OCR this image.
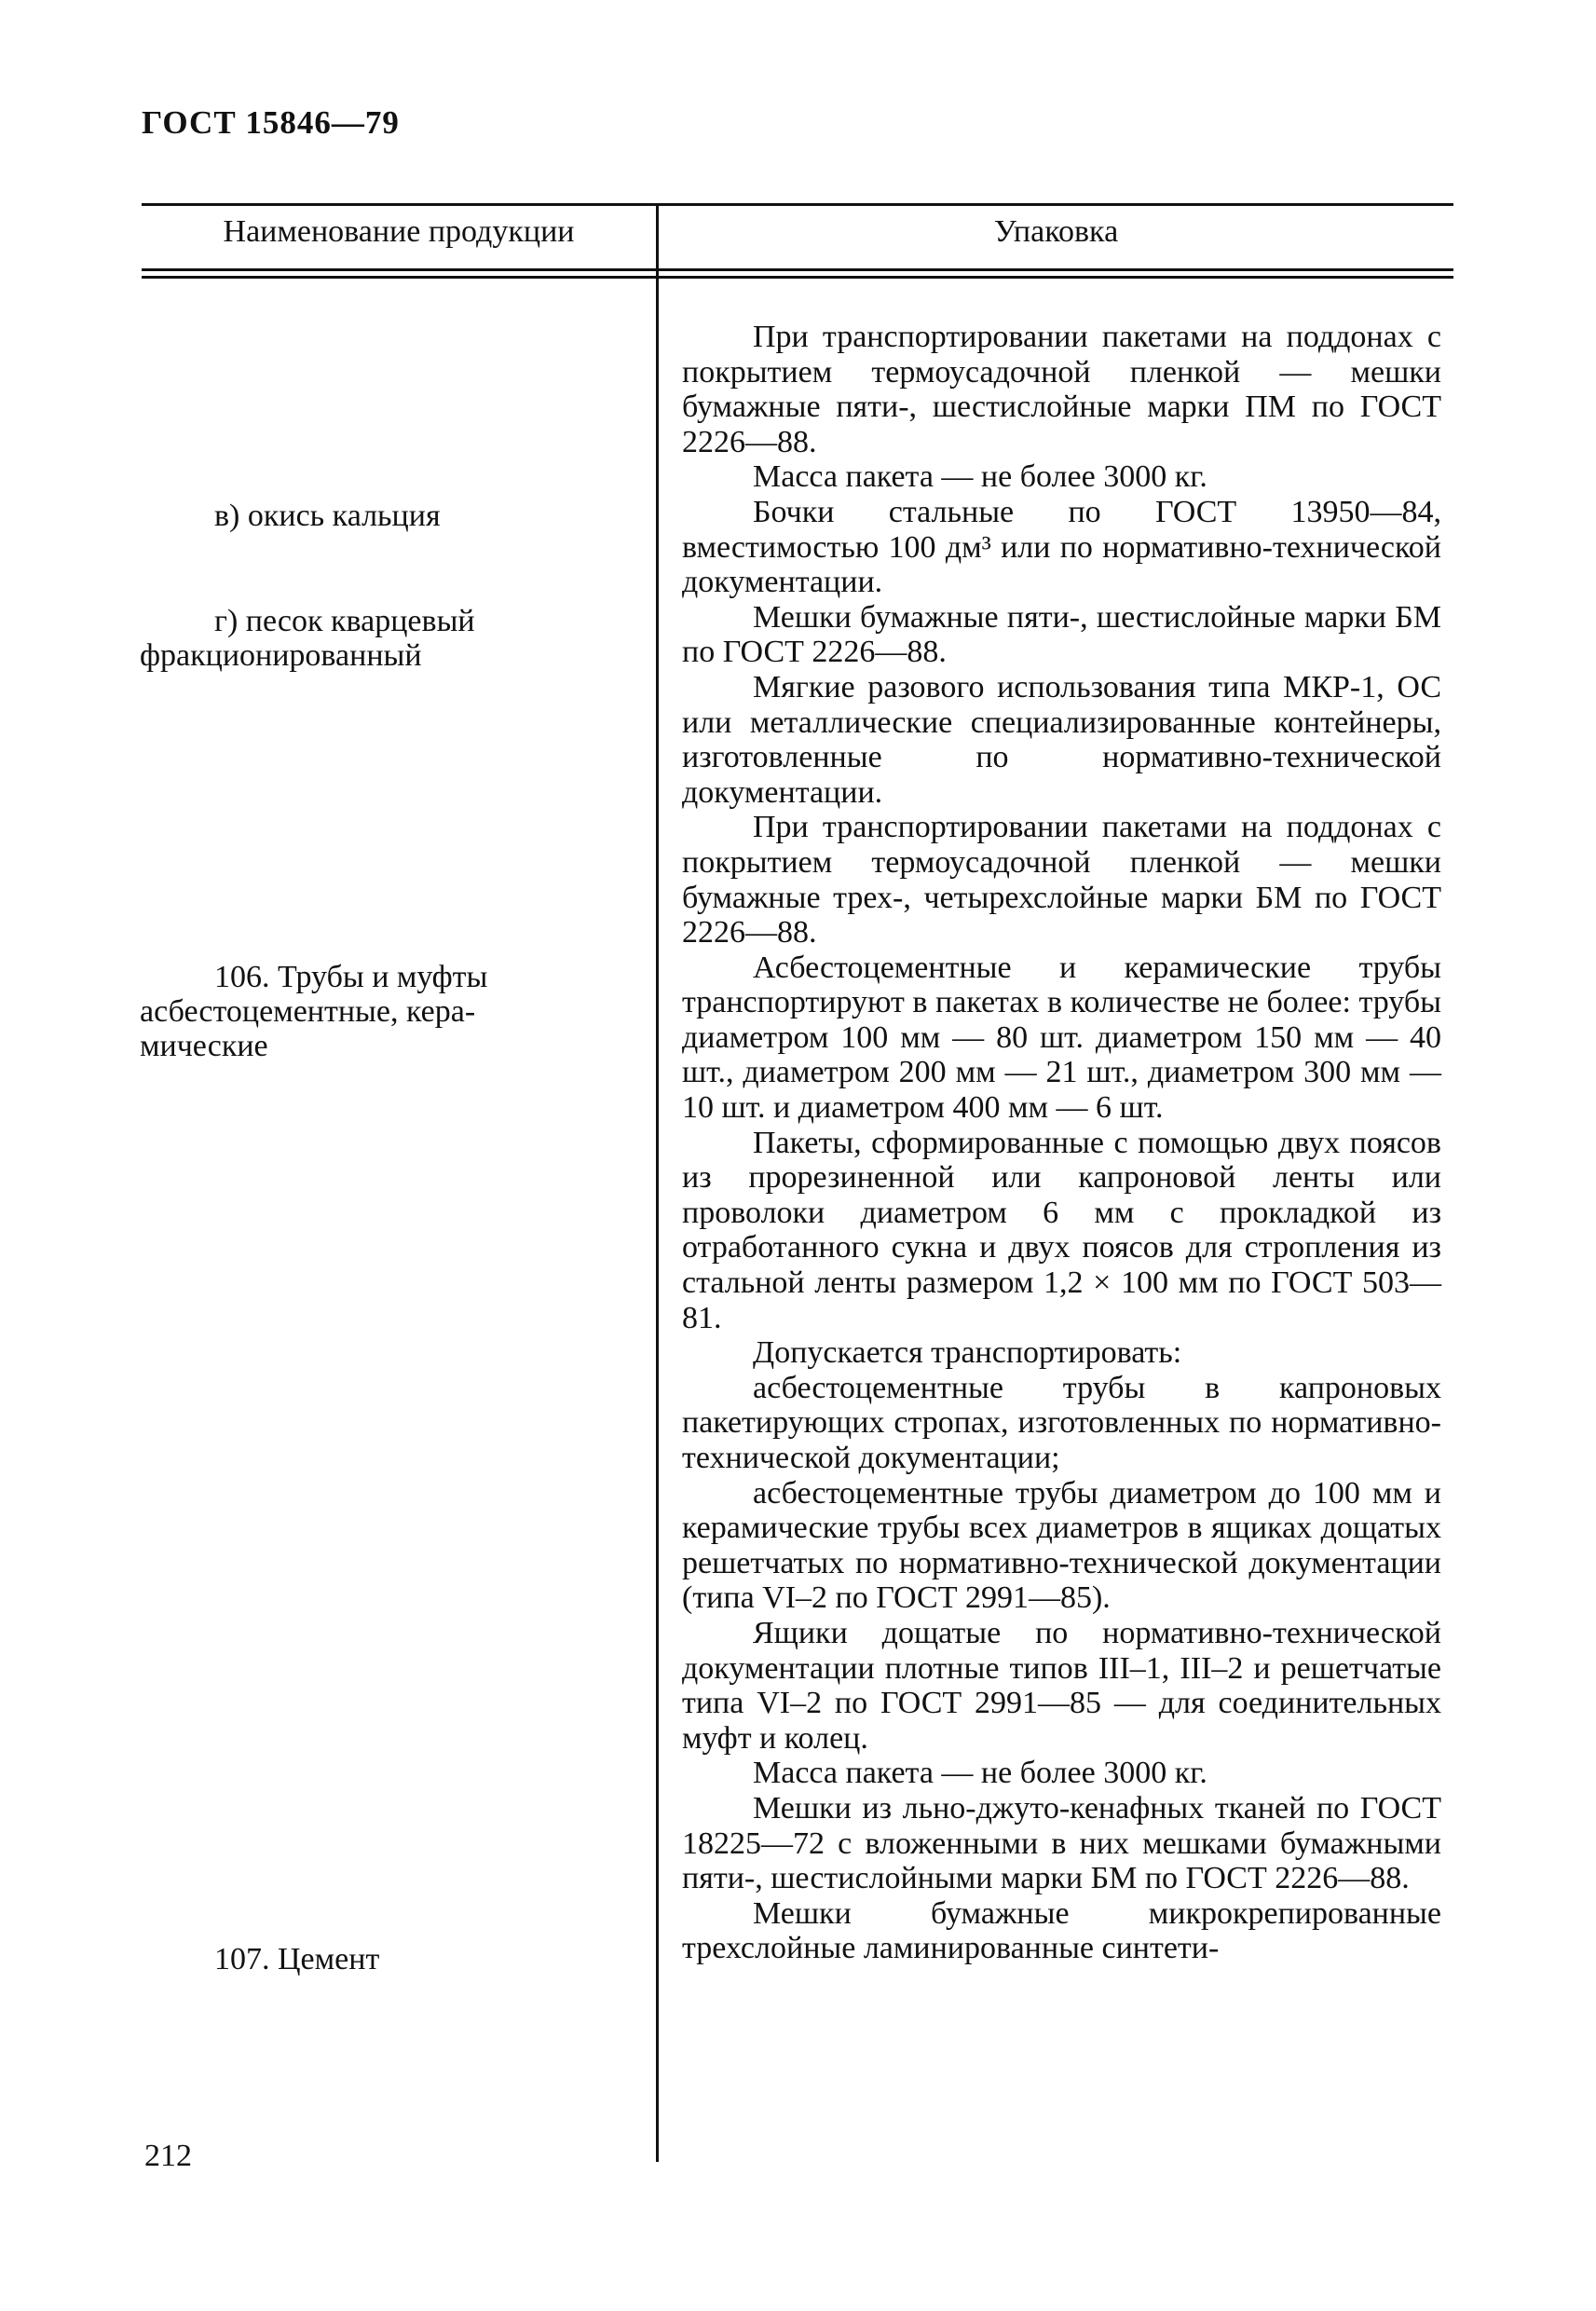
ГОСТ 15846—79
Наименование продукции	Упаковка
в) окись кальция
г) песок кварцевый
фракционированный
106. Трубы и муфты
асбестоцементные, кера-
мические
107. Цемент

При транспортировании пакетами на поддонах с покрытием термоусадочной пленкой — мешки бумажные пяти-, шестислойные марки ПМ по ГОСТ 2226—88.

Масса пакета — не более 3000 кг.

Бочки стальные по ГОСТ 13950—84, вместимостью 100 дм³ или по нормативно-технической документации.

Мешки бумажные пяти-, шестислойные марки БМ по ГОСТ 2226—88.

Мягкие разового использования типа МКР-1, ОС или металлические специализированные контейнеры, изготовленные по нормативно-технической документации.

При транспортировании пакетами на поддонах с покрытием термоусадочной пленкой — мешки бумажные трех-, четырехслойные марки БМ по ГОСТ 2226—88.

Асбестоцементные и керамические трубы транспортируют в пакетах в количестве не более: трубы диаметром 100 мм — 80 шт. диаметром 150 мм — 40 шт., диаметром 200 мм — 21 шт., диаметром 300 мм — 10 шт. и диаметром 400 мм — 6 шт.

Пакеты, сформированные с помощью двух поясов из прорезиненной или капроновой ленты или проволоки диаметром 6 мм с прокладкой из отработанного сукна и двух поясов для стропления из стальной ленты размером 1,2 × 100 мм по ГОСТ 503—81.

Допускается транспортировать:

асбестоцементные трубы в капроновых пакетирующих стропах, изготовленных по нормативно-технической документации;

асбестоцементные трубы диаметром до 100 мм и керамические трубы всех диаметров в ящиках дощатых решетчатых по нормативно-технической документации (типа VI–2 по ГОСТ 2991—85).

Ящики дощатые по нормативно-технической документации плотные типов III–1, III–2 и решетчатые типа VI–2 по ГОСТ 2991—85 — для соединительных муфт и колец.

Масса пакета — не более 3000 кг.

Мешки из льно-джуто-кенафных тканей по ГОСТ 18225—72 с вложенными в них мешками бумажными пяти-, шестислойными марки БМ по ГОСТ 2226—88.

Мешки бумажные микрокрепированные трехслойные ламинированные синтети-

212
